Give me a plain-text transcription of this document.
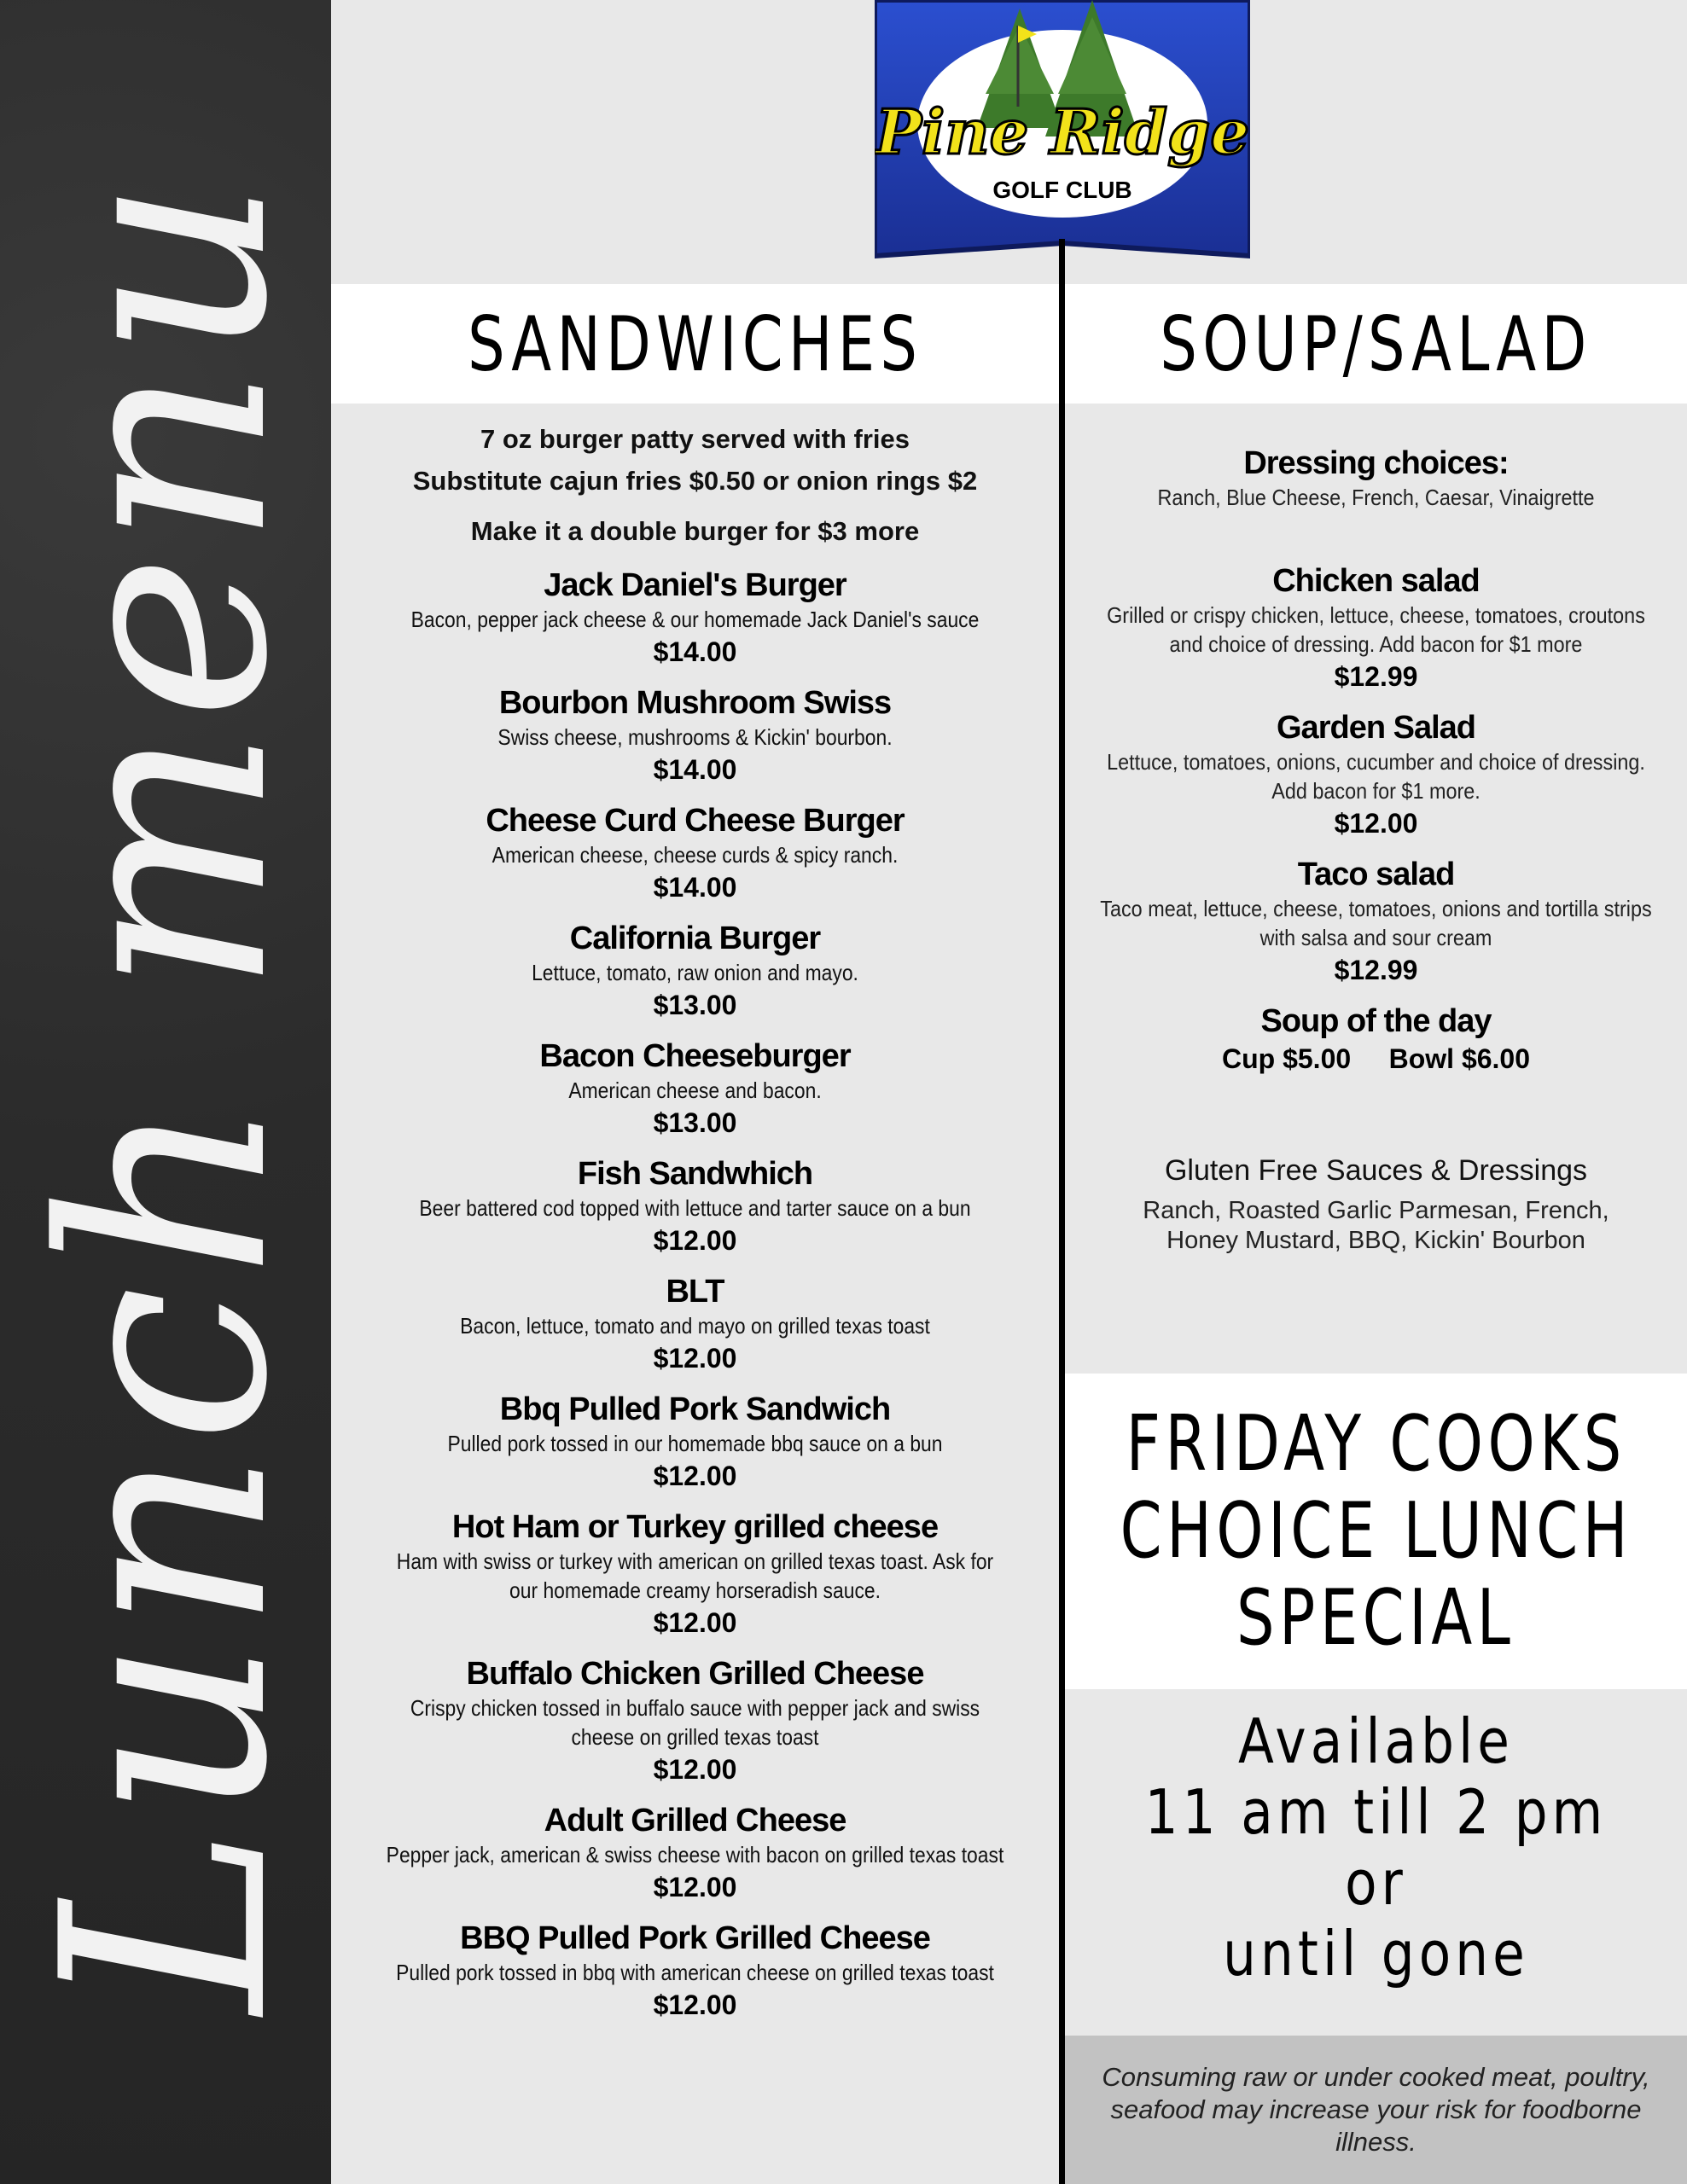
Lunch menu
Pine Ridge
GOLF CLUB
SANDWICHES	SOUP/SALAD
7 oz burger patty served with fries
Substitute cajun fries $0.50 or onion rings $2
Make it a double burger for $3 more
Jack Daniel's Burger
Bacon, pepper jack cheese & our homemade Jack Daniel's sauce
$14.00
Bourbon Mushroom Swiss
Swiss cheese, mushrooms & Kickin' bourbon.
$14.00
Cheese Curd Cheese Burger
American cheese, cheese curds & spicy ranch.
$14.00
California Burger
Lettuce, tomato, raw onion and mayo.
$13.00
Bacon Cheeseburger
American cheese and bacon.
$13.00
Fish Sandwhich
Beer battered cod topped with lettuce and tarter sauce on a bun
$12.00
BLT
Bacon, lettuce, tomato and mayo on grilled texas toast
$12.00
Bbq Pulled Pork Sandwich
Pulled pork tossed in our homemade bbq sauce on a bun
$12.00
Hot Ham or Turkey grilled cheese
Ham with swiss or turkey with american on grilled texas toast. Ask for our homemade creamy horseradish sauce.
$12.00
Buffalo Chicken Grilled Cheese
Crispy chicken tossed in buffalo sauce with pepper jack and swiss cheese on grilled texas toast
$12.00
Adult Grilled Cheese
Pepper jack, american & swiss cheese with bacon on grilled texas toast
$12.00
BBQ Pulled Pork Grilled Cheese
Pulled pork tossed in bbq with american cheese on grilled texas toast
$12.00
Dressing choices:
Ranch, Blue Cheese, French, Caesar, Vinaigrette
Chicken salad
Grilled or crispy chicken, lettuce, cheese, tomatoes, croutons and choice of dressing. Add bacon for $1 more
$12.99
Garden Salad
Lettuce, tomatoes, onions, cucumber and choice of dressing. Add bacon for $1 more.
$12.00
Taco salad
Taco meat, lettuce, cheese, tomatoes, onions and tortilla strips with salsa and sour cream
$12.99
Soup of the day
Cup $5.00 Bowl $6.00
Gluten Free Sauces & Dressings
Ranch, Roasted Garlic Parmesan, French,
Honey Mustard, BBQ, Kickin' Bourbon
FRIDAY COOKS
CHOICE LUNCH
SPECIAL
Available
11 am till 2 pm
or
until gone
Consuming raw or under cooked meat, poultry, seafood may increase your risk for foodborne illness.
